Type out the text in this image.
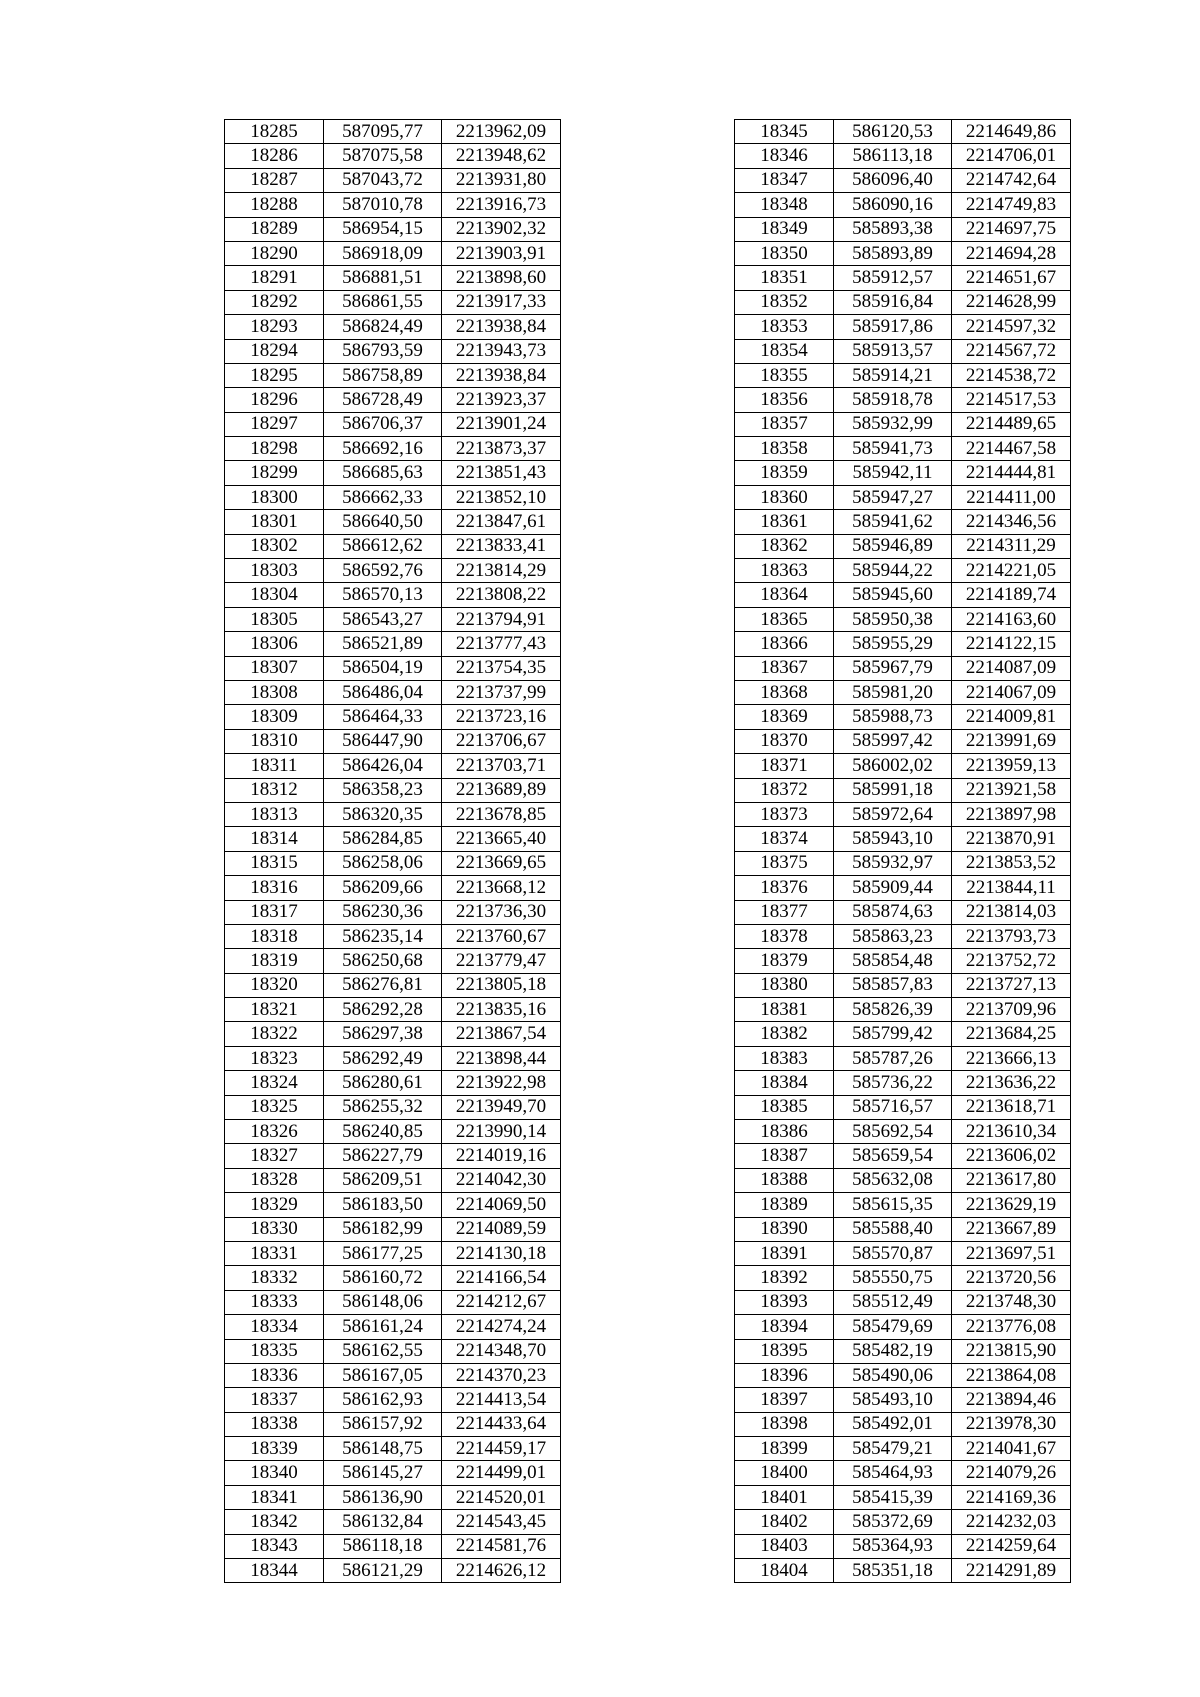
18285	587095,77	2213962,09
18286	587075,58	2213948,62
18287	587043,72	2213931,80
18288	587010,78	2213916,73
18289	586954,15	2213902,32
18290	586918,09	2213903,91
18291	586881,51	2213898,60
18292	586861,55	2213917,33
18293	586824,49	2213938,84
18294	586793,59	2213943,73
18295	586758,89	2213938,84
18296	586728,49	2213923,37
18297	586706,37	2213901,24
18298	586692,16	2213873,37
18299	586685,63	2213851,43
18300	586662,33	2213852,10
18301	586640,50	2213847,61
18302	586612,62	2213833,41
18303	586592,76	2213814,29
18304	586570,13	2213808,22
18305	586543,27	2213794,91
18306	586521,89	2213777,43
18307	586504,19	2213754,35
18308	586486,04	2213737,99
18309	586464,33	2213723,16
18310	586447,90	2213706,67
18311	586426,04	2213703,71
18312	586358,23	2213689,89
18313	586320,35	2213678,85
18314	586284,85	2213665,40
18315	586258,06	2213669,65
18316	586209,66	2213668,12
18317	586230,36	2213736,30
18318	586235,14	2213760,67
18319	586250,68	2213779,47
18320	586276,81	2213805,18
18321	586292,28	2213835,16
18322	586297,38	2213867,54
18323	586292,49	2213898,44
18324	586280,61	2213922,98
18325	586255,32	2213949,70
18326	586240,85	2213990,14
18327	586227,79	2214019,16
18328	586209,51	2214042,30
18329	586183,50	2214069,50
18330	586182,99	2214089,59
18331	586177,25	2214130,18
18332	586160,72	2214166,54
18333	586148,06	2214212,67
18334	586161,24	2214274,24
18335	586162,55	2214348,70
18336	586167,05	2214370,23
18337	586162,93	2214413,54
18338	586157,92	2214433,64
18339	586148,75	2214459,17
18340	586145,27	2214499,01
18341	586136,90	2214520,01
18342	586132,84	2214543,45
18343	586118,18	2214581,76
18344	586121,29	2214626,12
18345	586120,53	2214649,86
18346	586113,18	2214706,01
18347	586096,40	2214742,64
18348	586090,16	2214749,83
18349	585893,38	2214697,75
18350	585893,89	2214694,28
18351	585912,57	2214651,67
18352	585916,84	2214628,99
18353	585917,86	2214597,32
18354	585913,57	2214567,72
18355	585914,21	2214538,72
18356	585918,78	2214517,53
18357	585932,99	2214489,65
18358	585941,73	2214467,58
18359	585942,11	2214444,81
18360	585947,27	2214411,00
18361	585941,62	2214346,56
18362	585946,89	2214311,29
18363	585944,22	2214221,05
18364	585945,60	2214189,74
18365	585950,38	2214163,60
18366	585955,29	2214122,15
18367	585967,79	2214087,09
18368	585981,20	2214067,09
18369	585988,73	2214009,81
18370	585997,42	2213991,69
18371	586002,02	2213959,13
18372	585991,18	2213921,58
18373	585972,64	2213897,98
18374	585943,10	2213870,91
18375	585932,97	2213853,52
18376	585909,44	2213844,11
18377	585874,63	2213814,03
18378	585863,23	2213793,73
18379	585854,48	2213752,72
18380	585857,83	2213727,13
18381	585826,39	2213709,96
18382	585799,42	2213684,25
18383	585787,26	2213666,13
18384	585736,22	2213636,22
18385	585716,57	2213618,71
18386	585692,54	2213610,34
18387	585659,54	2213606,02
18388	585632,08	2213617,80
18389	585615,35	2213629,19
18390	585588,40	2213667,89
18391	585570,87	2213697,51
18392	585550,75	2213720,56
18393	585512,49	2213748,30
18394	585479,69	2213776,08
18395	585482,19	2213815,90
18396	585490,06	2213864,08
18397	585493,10	2213894,46
18398	585492,01	2213978,30
18399	585479,21	2214041,67
18400	585464,93	2214079,26
18401	585415,39	2214169,36
18402	585372,69	2214232,03
18403	585364,93	2214259,64
18404	585351,18	2214291,89
